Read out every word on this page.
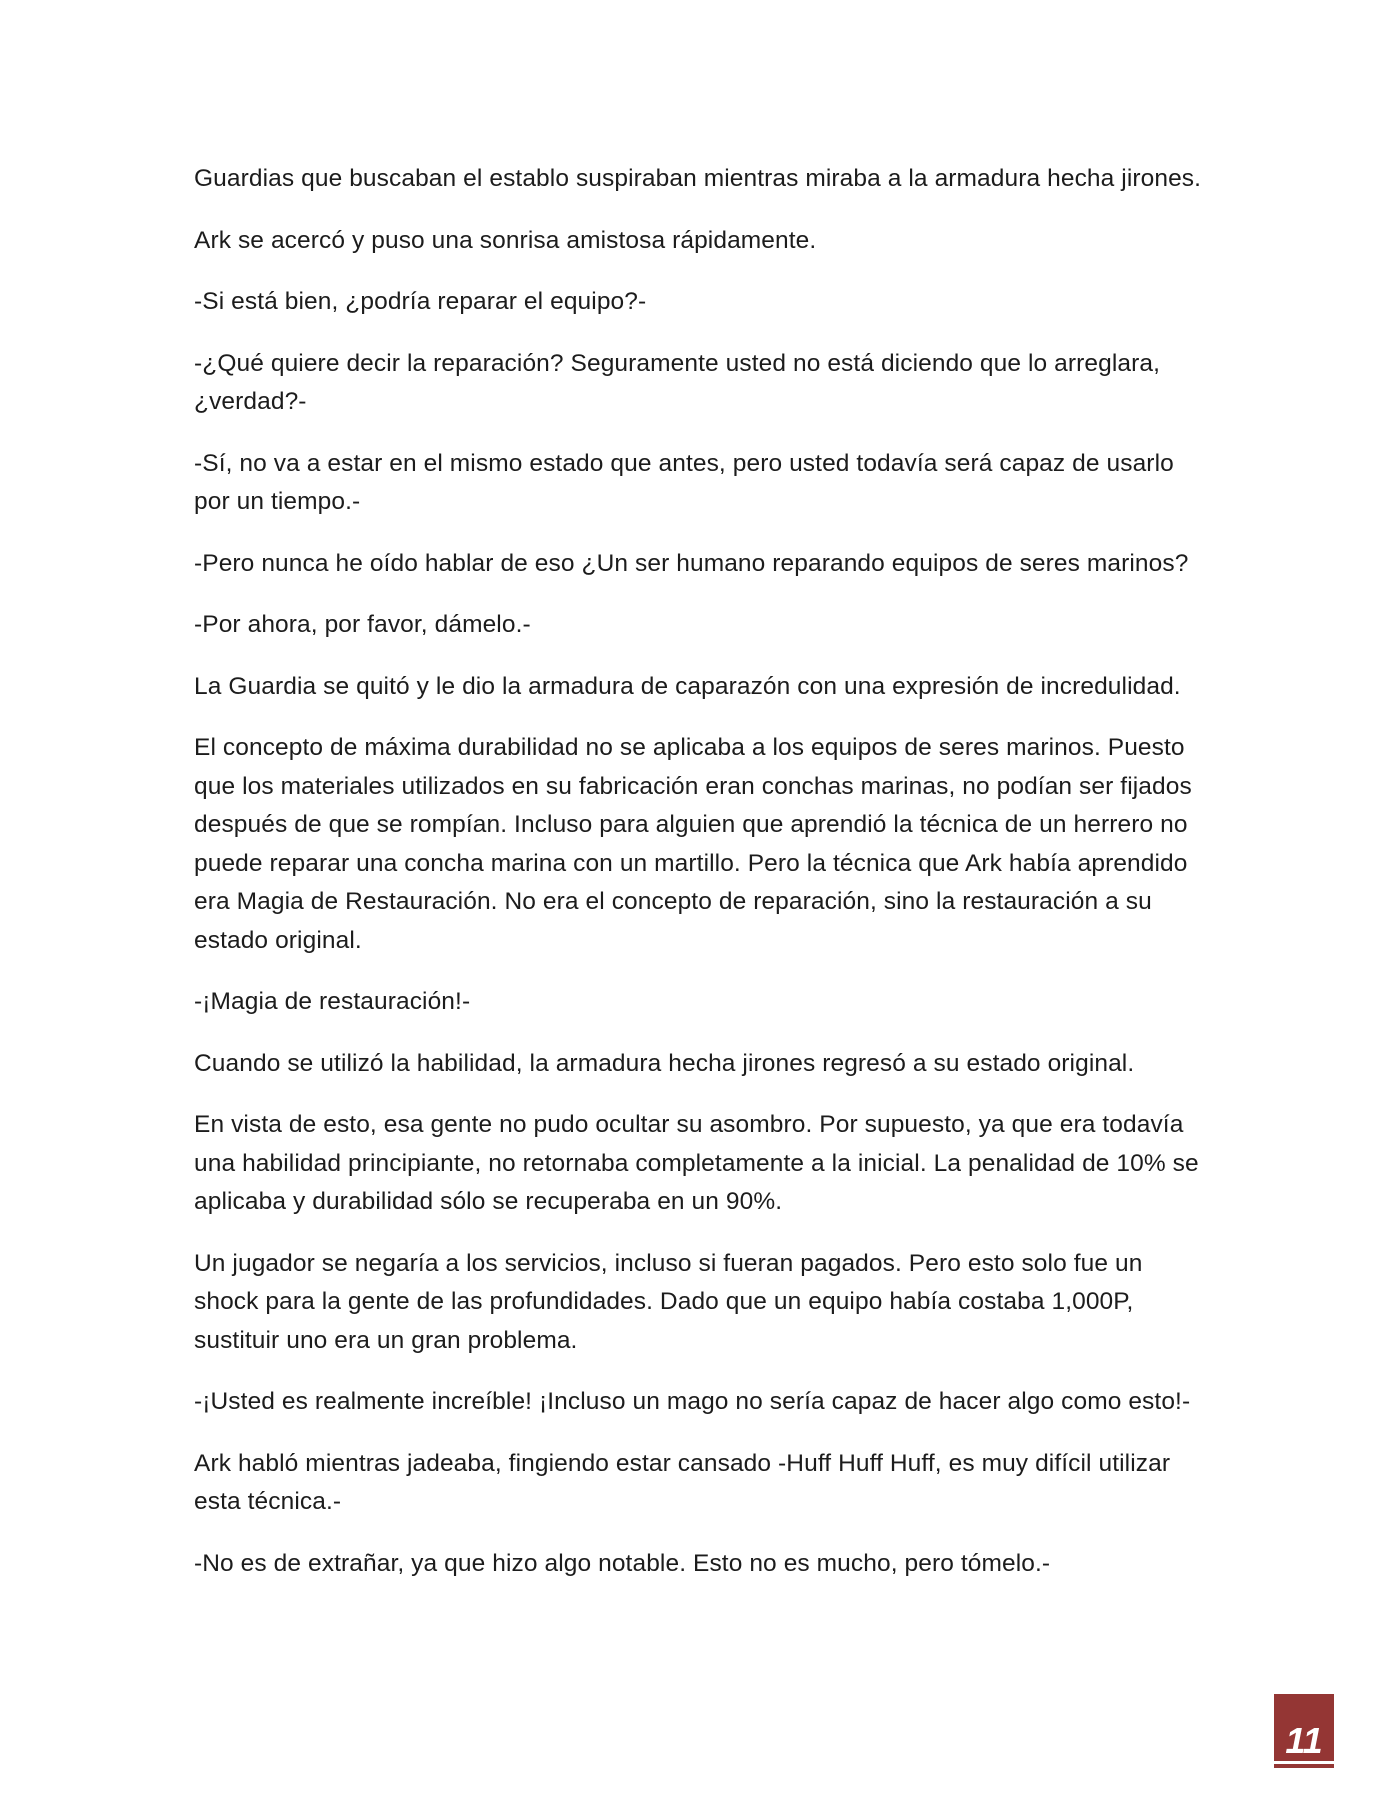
Guardias que buscaban el establo suspiraban mientras miraba a la armadura hecha jirones.

Ark se acercó y puso una sonrisa amistosa rápidamente.

-Si está bien, ¿podría reparar el equipo?-

-¿Qué quiere decir la reparación? Seguramente usted no está diciendo que lo arreglara, ¿verdad?-

-Sí, no va a estar en el mismo estado que antes, pero usted todavía será capaz de usarlo por un tiempo.-

-Pero nunca he oído hablar de eso ¿Un ser humano reparando equipos de seres marinos?

-Por ahora, por favor, dámelo.-

La Guardia se quitó y le dio la armadura de caparazón con una expresión de incredulidad.

El concepto de máxima durabilidad no se aplicaba a los equipos de seres marinos. Puesto que los materiales utilizados en su fabricación eran conchas marinas, no podían ser fijados después de que se rompían. Incluso para alguien que aprendió la técnica de un herrero no puede reparar una concha marina con un martillo. Pero la técnica que Ark había aprendido era Magia de Restauración. No era el concepto de reparación, sino la restauración a su estado original.

-¡Magia de restauración!-

Cuando se utilizó la habilidad, la armadura hecha jirones regresó a su estado original.

En vista de esto, esa gente no pudo ocultar su asombro. Por supuesto, ya que era todavía una habilidad principiante, no retornaba completamente a la inicial. La penalidad de 10% se aplicaba y durabilidad sólo se recuperaba en un 90%.

Un jugador se negaría a los servicios, incluso si fueran pagados. Pero esto solo fue un shock para la gente de las profundidades. Dado que un equipo había costaba 1,000P, sustituir uno era un gran problema.

-¡Usted es realmente increíble! ¡Incluso un mago no sería capaz de hacer algo como esto!-

Ark habló mientras jadeaba, fingiendo estar cansado -Huff Huff Huff, es muy difícil utilizar esta técnica.-

-No es de extrañar, ya que hizo algo notable. Esto no es mucho, pero tómelo.-

11
